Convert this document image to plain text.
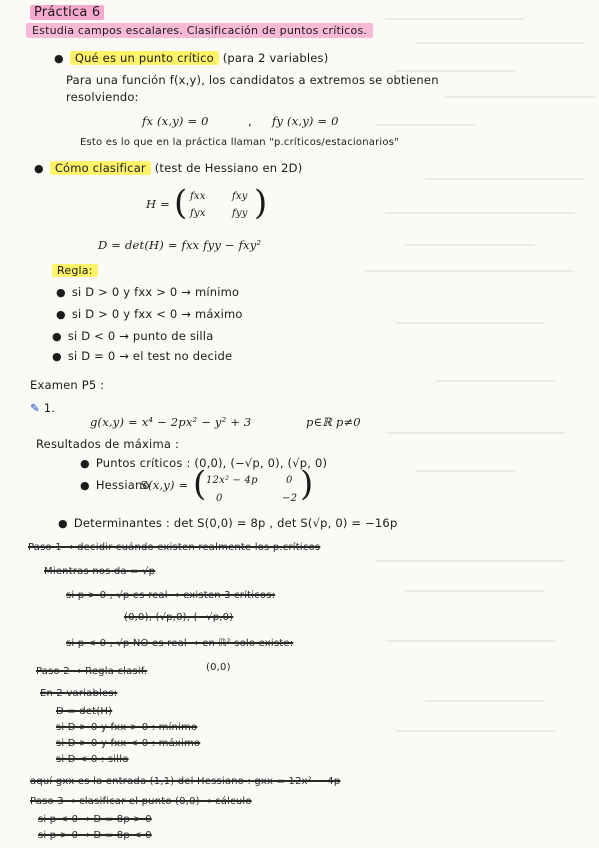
Práctica 6
Estudia campos escalares. Clasificación de puntos críticos.
● Qué es un punto crítico (para 2 variables)
Para una función f(x,y), los candidatos a extremos se obtienen
resolviendo:
fx (x,y) = 0	, fy (x,y) = 0
Esto es lo que en la práctica llaman "p.críticos/estacionarios"
● Cómo clasificar (test de Hessiano en 2D)
H = ( fxx	fxy
fyx	fyy )
D = det(H) = fxx fyy − fxy²
Regla:
● si D > 0 y fxx > 0 → mínimo
● si D > 0 y fxx < 0 → máximo
● si D < 0 → punto de silla
● si D = 0 → el test no decide
Examen P5 :
✎ 1.
g(x,y) = x⁴ − 2px² − y² + 3	p∈ℝ p≠0
Resultados de máxima :
● Puntos críticos : (0,0), (−√p, 0), (√p, 0)
● Hessiano
S(x,y) = ( 12x² − 4p	0
0	−2 )
● Determinantes : det S(0,0) = 8p , det S(√p, 0) = −16p
Paso 1 → decidir cuándo existen realmente los p.críticos
Mientras nos da = √p
si p > 0 , √p es real → existen 3 críticos:
(0,0), (√p,0), (−√p,0)
si p < 0 , √p NO es real → en ℝ² solo existe:
Paso 2 → Regla clasif.	(0,0)
En 2 variables:
D = det(H)
si D > 0 y fxx > 0 : mínimo
si D > 0 y fxx < 0 : máximo
si D < 0 : silla
aquí gxx es la entrada (1,1) del Hessiano : gxx = 12x² − 4p
Paso 3 → clasificar el punto (0,0) → cálculo
si p < 0 → D = 8p > 0
si p > 0 → D = 8p < 0
